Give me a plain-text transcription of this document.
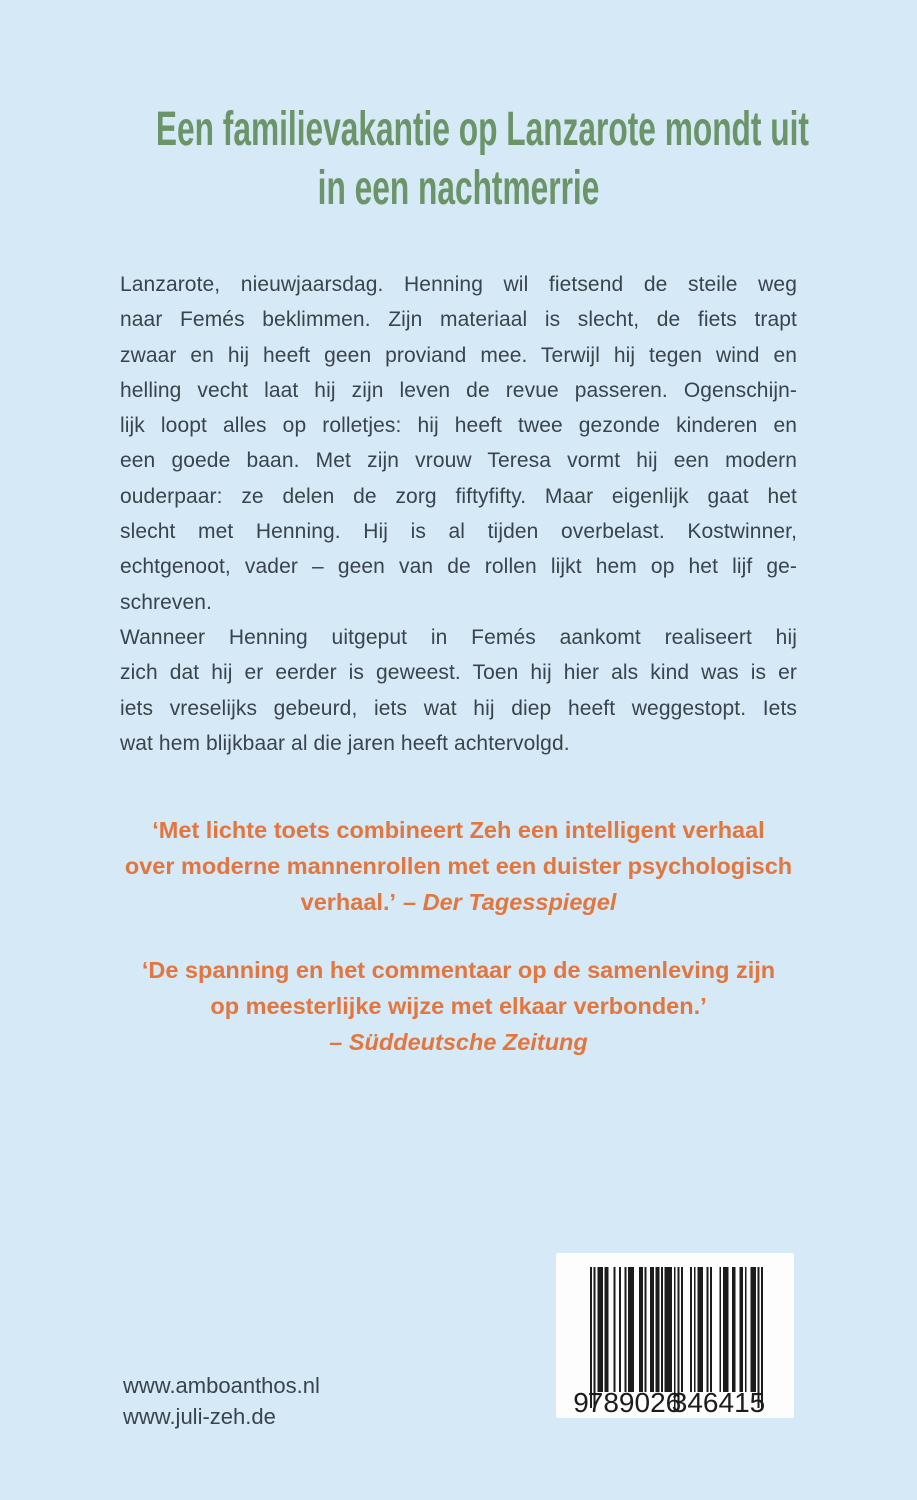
Een familievakantie op Lanzarote mondt uit
in een nachtmerrie
Lanzarote, nieuwjaarsdag. Henning wil fietsend de steile weg
naar Femés beklimmen. Zijn materiaal is slecht, de fiets trapt
zwaar en hij heeft geen proviand mee. Terwijl hij tegen wind en
helling vecht laat hij zijn leven de revue passeren. Ogenschijn-
lijk loopt alles op rolletjes: hij heeft twee gezonde kinderen en
een goede baan. Met zijn vrouw Teresa vormt hij een modern
ouderpaar: ze delen de zorg fiftyfifty. Maar eigenlijk gaat het
slecht met Henning. Hij is al tijden overbelast. Kostwinner,
echtgenoot, vader – geen van de rollen lijkt hem op het lijf ge-
schreven.
Wanneer Henning uitgeput in Femés aankomt realiseert hij
zich dat hij er eerder is geweest. Toen hij hier als kind was is er
iets vreselijks gebeurd, iets wat hij diep heeft weggestopt. Iets
wat hem blijkbaar al die jaren heeft achtervolgd.
‘Met lichte toets combineert Zeh een intelligent verhaal
over moderne mannenrollen met een duister psychologisch
verhaal.’ – Der Tagesspiegel
‘De spanning en het commentaar op de samenleving zijn
op meesterlijke wijze met elkaar verbonden.’
– Süddeutsche Zeitung
9
789026
346415
www.amboanthos.nl
www.juli-zeh.de
